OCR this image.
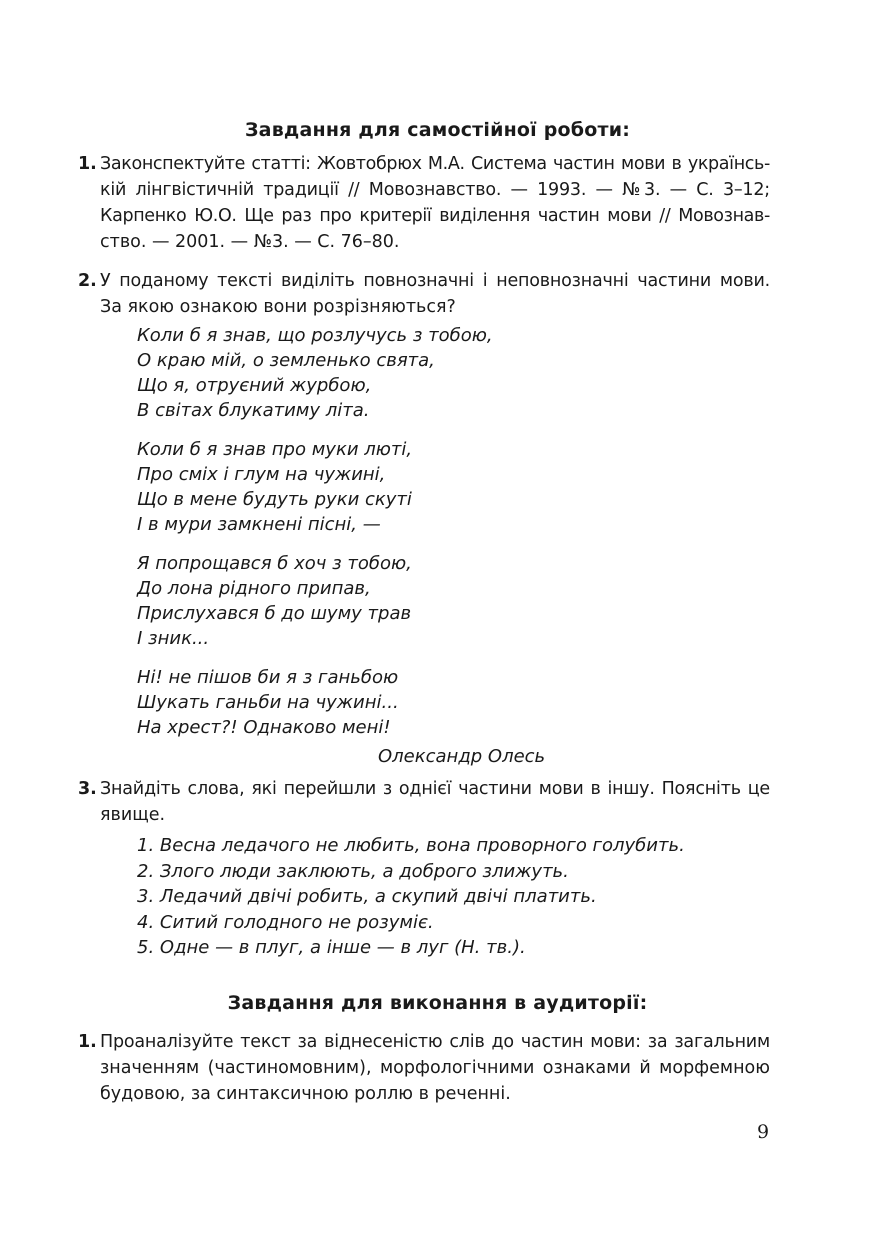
Завдання для самостійної роботи:
1. Законспектуйте статті: Жовтобрюх М.А. Система частин мови в українсь-
кій лінгвістичній традиції // Мовознавство. — 1993. — №3. — С. 3–12;
Карпенко Ю.О. Ще раз про критерії виділення частин мови // Мовознав-
ство. — 2001. — №3. — С. 76–80.
2. У поданому тексті виділіть повнозначні і неповнозначні частини мови.
За якою ознакою вони розрізняються?
Коли б я знав, що розлучусь з тобою,
О краю мій, о земленько свята,
Що я, отруєний журбою,
В світах блукатиму літа.
Коли б я знав про муки люті,
Про сміх і глум на чужині,
Що в мене будуть руки скуті
І в мури замкнені пісні, —
Я попрощався б хоч з тобою,
До лона рідного припав,
Прислухався б до шуму трав
І зник...
Ні! не пішов би я з ганьбою
Шукать ганьби на чужині...
На хрест?! Однаково мені!
Олександр Олесь
3. Знайдіть слова, які перейшли з однієї частини мови в іншу. Поясніть це
явище.
1. Весна ледачого не любить, вона проворного голубить.
2. Злого люди заклюють, а доброго злижуть.
3. Ледачий двічі робить, а скупий двічі платить.
4. Ситий голодного не розуміє.
5. Одне — в плуг, а інше — в луг (Н. тв.).
Завдання для виконання в аудиторії:
1. Проаналізуйте текст за віднесеністю слів до частин мови: за загальним
значенням (частиномовним), морфологічними ознаками й морфемною
будовою, за синтаксичною роллю в реченні.
9
